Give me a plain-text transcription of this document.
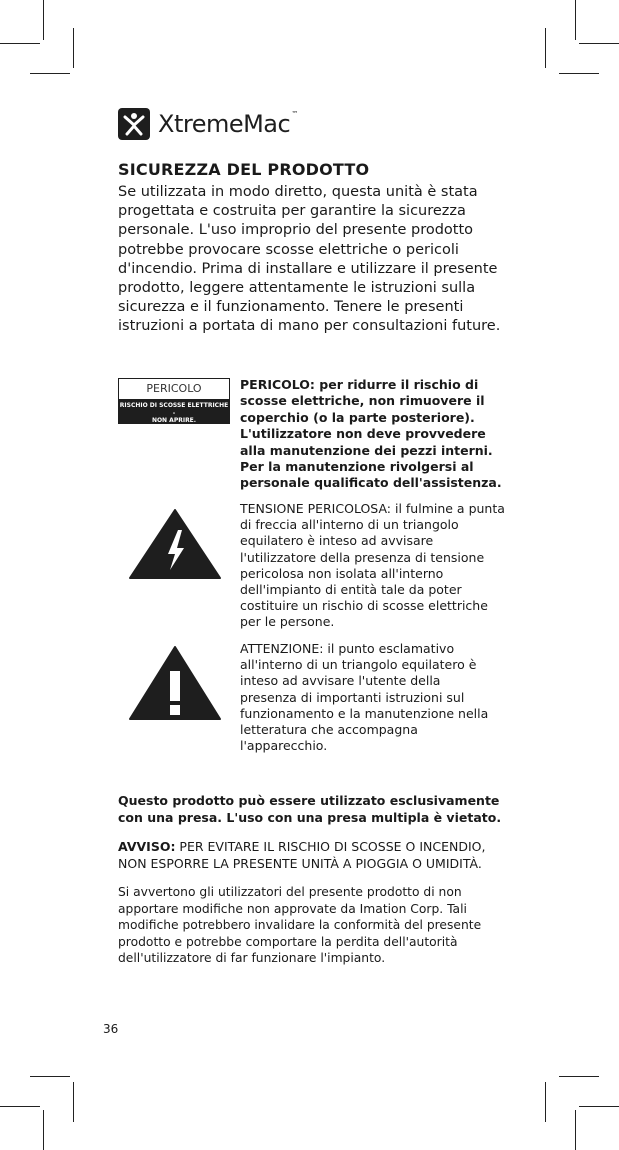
XtremeMac™
SICUREZZA DEL PRODOTTO
Se utilizzata in modo diretto, questa unità è stata progettata e costruita per garantire la sicurezza personale. L'uso improprio del presente prodotto potrebbe provocare scosse elettriche o pericoli d'incendio. Prima di installare e utilizzare il presente prodotto, leggere attentamente le istruzioni sulla sicurezza e il funzionamento. Tenere le presenti istruzioni a portata di mano per consultazioni future.
PERICOLO
RISCHIO DI SCOSSE ELETTRICHE -
NON APRIRE.
PERICOLO: per ridurre il rischio di scosse elettriche, non rimuovere il coperchio (o la parte posteriore). L'utilizzatore non deve provvedere alla manutenzione dei pezzi interni. Per la manutenzione rivolgersi al personale qualificato dell'assistenza.
TENSIONE PERICOLOSA: il fulmine a punta di freccia all'interno di un triangolo equilatero è inteso ad avvisare l'utilizzatore della presenza di tensione pericolosa non isolata all'interno dell'impianto di entità tale da poter costituire un rischio di scosse elettriche per le persone.
ATTENZIONE: il punto esclamativo all'interno di un triangolo equilatero è inteso ad avvisare l'utente della presenza di importanti istruzioni sul funzionamento e la manutenzione nella letteratura che accompagna l'apparecchio.
Questo prodotto può essere utilizzato esclusivamente con una presa. L'uso con una presa multipla è vietato.
AVVISO: PER EVITARE IL RISCHIO DI SCOSSE O INCENDIO, NON ESPORRE LA PRESENTE UNITÀ A PIOGGIA O UMIDITÀ.
Si avvertono gli utilizzatori del presente prodotto di non apportare modifiche non approvate da Imation Corp. Tali modifiche potrebbero invalidare la conformità del presente prodotto e potrebbe comportare la perdita dell'autorità dell'utilizzatore di far funzionare l'impianto.
36
